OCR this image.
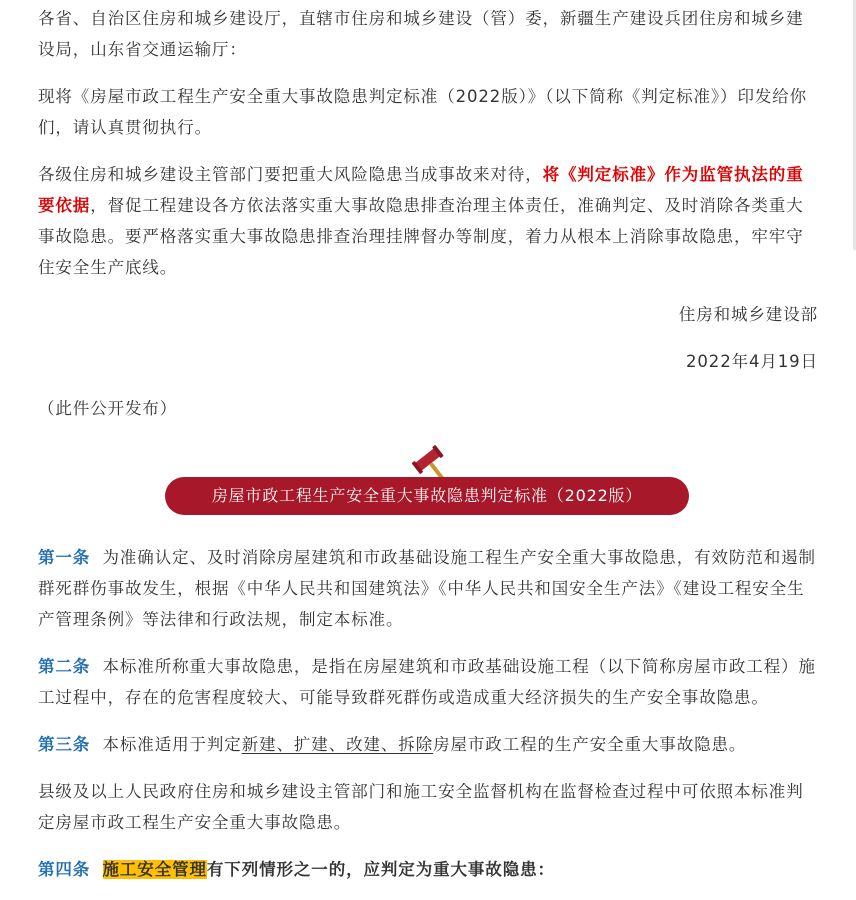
各省、自治区住房和城乡建设厅，直辖市住房和城乡建设（管）委，新疆生产建设兵团住房和城乡建设局，山东省交通运输厅：

现将《房屋市政工程生产安全重大事故隐患判定标准（2022版）》（以下简称《判定标准》）印发给你们，请认真贯彻执行。

各级住房和城乡建设主管部门要把重大风险隐患当成事故来对待，将《判定标准》作为监管执法的重要依据，督促工程建设各方依法落实重大事故隐患排查治理主体责任，准确判定、及时消除各类重大事故隐患。要严格落实重大事故隐患排查治理挂牌督办等制度，着力从根本上消除事故隐患，牢牢守住安全生产底线。

住房和城乡建设部

2022年4月19日

（此件公开发布）

房屋市政工程生产安全重大事故隐患判定标准（2022版）

第一条 为准确认定、及时消除房屋建筑和市政基础设施工程生产安全重大事故隐患，有效防范和遏制群死群伤事故发生，根据《中华人民共和国建筑法》《中华人民共和国安全生产法》《建设工程安全生产管理条例》等法律和行政法规，制定本标准。

第二条 本标准所称重大事故隐患，是指在房屋建筑和市政基础设施工程（以下简称房屋市政工程）施工过程中，存在的危害程度较大、可能导致群死群伤或造成重大经济损失的生产安全事故隐患。

第三条 本标准适用于判定新建、扩建、改建、拆除房屋市政工程的生产安全重大事故隐患。

县级及以上人民政府住房和城乡建设主管部门和施工安全监督机构在监督检查过程中可依照本标准判定房屋市政工程生产安全重大事故隐患。

第四条 施工安全管理有下列情形之一的，应判定为重大事故隐患：
